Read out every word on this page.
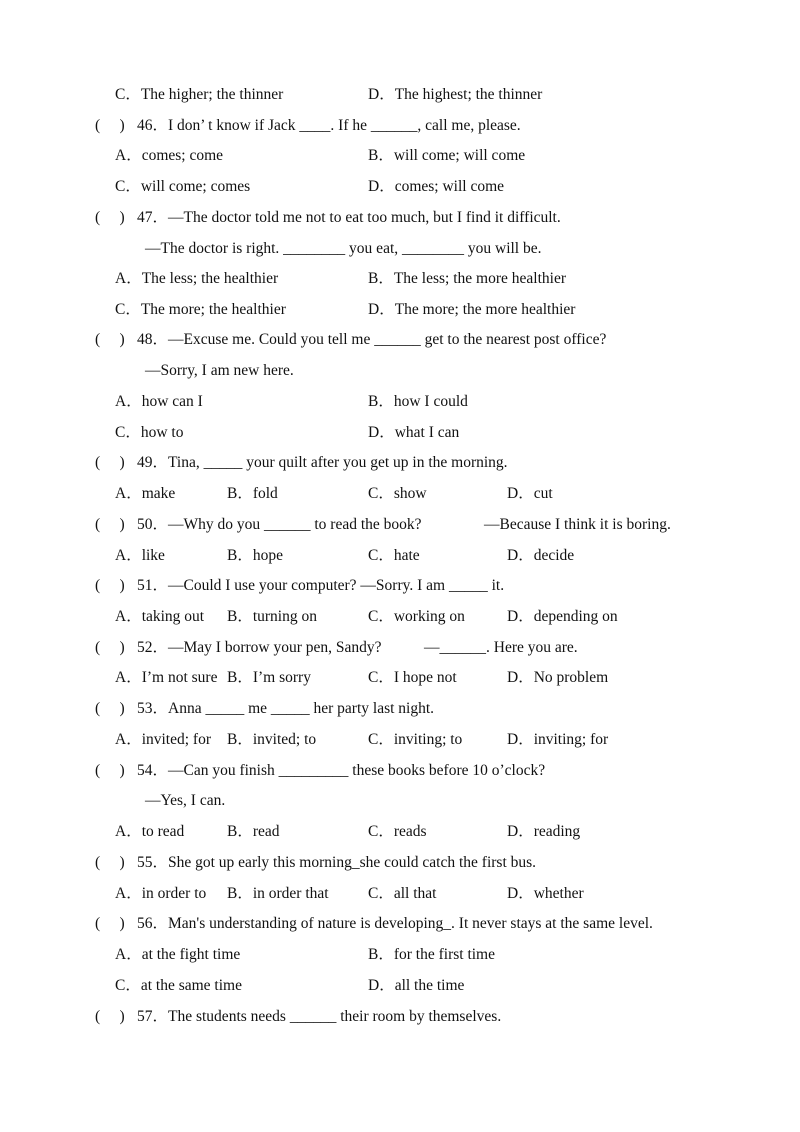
C．The higher; the thinner

	D．The highest; the thinner

(　 )

46．I don’ t know if Jack ____. If he ______, call me, please.

A．comes; come

	B．will come; will come

C．will come; comes

	D．comes; will come

(　 )

47．—The doctor told me not to eat too much, but I find it difficult.

—The doctor is right. ________ you eat, ________ you will be.

A．The less; the healthier

	B．The less; the more healthier

C．The more; the healthier

	D．The more; the more healthier

(　 )

48．—Excuse me. Could you tell me ______ get to the nearest post office?

—Sorry, I am new here.

A．how can I

	B．how I could

C．how to

	D．what I can

(　 )

49．Tina, _____ your quilt after you get up in the morning.

A．make

	B．fold

	C．show

	D．cut

(　 )

50．—Why do you ______ to read the book?

	—Because I think it is boring.

A．like

	B．hope

	C．hate

	D．decide

(　 )

51．—Could I use your computer? —Sorry. I am _____ it.

A．taking out

B．turning on

	C．working on

	D．depending on

(　 )

52．—May I borrow your pen, Sandy?

	—______. Here you are.

A．I’m not sure

B．I’m sorry

	C．I hope not

	D．No problem

(　 )

53．Anna _____ me _____ her party last night.

A．invited; for

B．invited; to

	C．inviting; to

	D．inviting; for

(　 )

54．—Can you finish _________ these books before 10 o’clock?

—Yes, I can.

A．to read

	B．read

	C．reads

	D．reading

(　 )

55．She got up early this morning_she could catch the first bus.

A．in order to

B．in order that

	C．all that

	D．whether

(　 )

56．Man's understanding of nature is developing_. It never stays at the same level.

A．at the fight time

	B．for the first time

C．at the same time

	D．all the time

(　 )

57．The students needs ______ their room by themselves.
